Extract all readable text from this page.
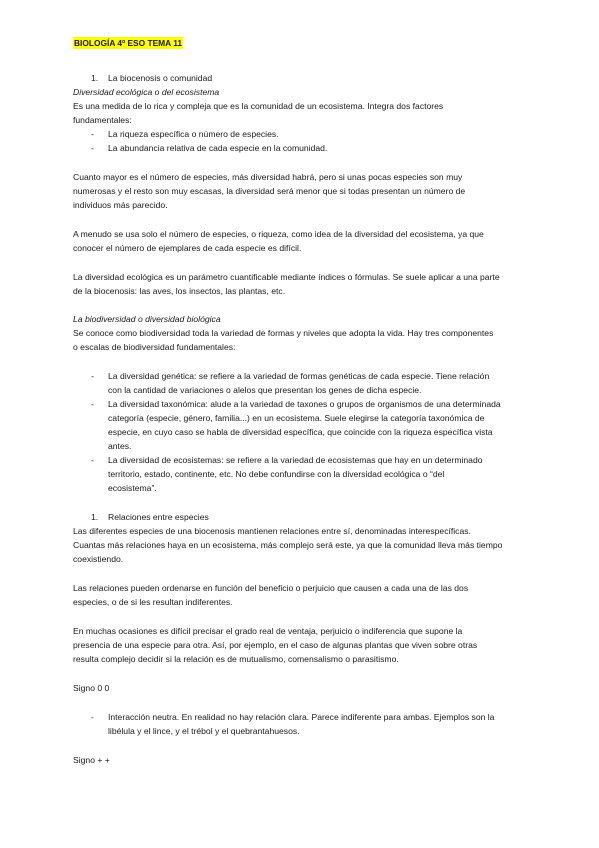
BIOLOGÍA 4º ESO TEMA 11
1. La biocenosis o comunidad
Diversidad ecológica o del ecosistema
Es una medida de lo rica y compleja que es la comunidad de un ecosistema. Integra dos factores
fundamentales:
- La riqueza específica o número de especies.
- La abundancia relativa de cada especie en la comunidad.
Cuanto mayor es el número de especies, más diversidad habrá, pero si unas pocas especies son muy
numerosas y el resto son muy escasas, la diversidad será menor que si todas presentan un número de
individuos más parecido.
A menudo se usa solo el número de especies, o riqueza, como idea de la diversidad del ecosistema, ya que
conocer el número de ejemplares de cada especie es difícil.
La diversidad ecológica es un parámetro cuantificable mediante índices o fórmulas. Se suele aplicar a una parte
de la biocenosis: las aves, los insectos, las plantas, etc.
La biodiversidad o diversidad biológica
Se conoce como biodiversidad toda la variedad de formas y niveles que adopta la vida. Hay tres componentes
o escalas de biodiversidad fundamentales:
- La diversidad genética: se refiere a la variedad de formas genéticas de cada especie. Tiene relación
con la cantidad de variaciones o alelos que presentan los genes de dicha especie.
- La diversidad taxonómica: alude a la variedad de taxones o grupos de organismos de una determinada
categoría (especie, género, familia...) en un ecosistema. Suele elegirse la categoría taxonómica de
especie, en cuyo caso se habla de diversidad específica, que coincide con la riqueza específica vista
antes.
- La diversidad de ecosistemas: se refiere a la variedad de ecosistemas que hay en un determinado
territorio, estado, continente, etc. No debe confundirse con la diversidad ecológica o “del
ecosistema”.
1. Relaciones entre especies
Las diferentes especies de una biocenosis mantienen relaciones entre sí, denominadas interespecíficas.
Cuantas más relaciones haya en un ecosistema, más complejo será este, ya que la comunidad lleva más tiempo
coexistiendo.
Las relaciones pueden ordenarse en función del beneficio o perjuicio que causen a cada una de las dos
especies, o de si les resultan indiferentes.
En muchas ocasiones es difícil precisar el grado real de ventaja, perjuicio o indiferencia que supone la
presencia de una especie para otra. Así, por ejemplo, en el caso de algunas plantas que viven sobre otras
resulta complejo decidir si la relación es de mutualismo, comensalismo o parasitismo.
Signo 0 0
- Interacción neutra. En realidad no hay relación clara. Parece indiferente para ambas. Ejemplos son la
libélula y el lince, y el trébol y el quebrantahuesos.
Signo + +
